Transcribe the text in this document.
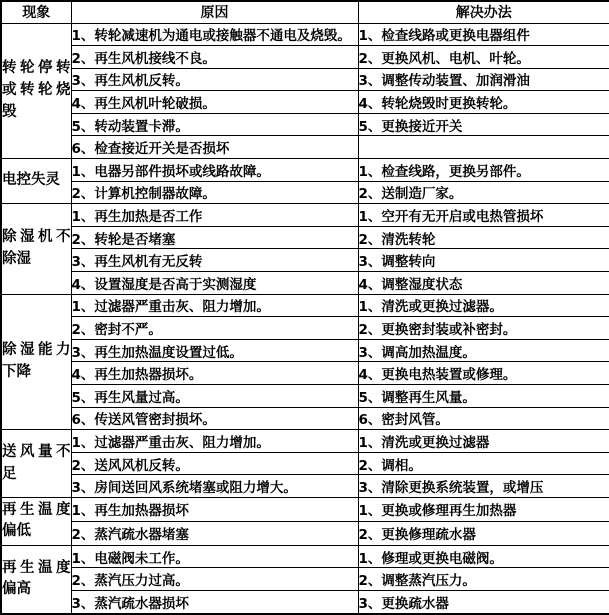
现象	原因	解决办法
转轮停转或转轮烧毁	1、转轮减速机为通电或接触器不通电及烧毁。	1、检查线路或更换电器组件
	2、再生风机接线不良。	2、更换风机、电机、叶轮。
	3、再生风机反转。	3、调整传动装置、加润滑油
	4、再生风机叶轮破损。	4、转轮烧毁时更换转轮。
	5、转动装置卡滞。	5、更换接近开关
	6、检查接近开关是否损坏	
电控失灵	1、电器另部件损坏或线路故障。	1、检查线路，更换另部件。
	2、计算机控制器故障。	2、送制造厂家。
除湿机不除湿	1、再生加热是否工作	1、空开有无开启或电热管损坏
	2、转轮是否堵塞	2、清洗转轮
	3、再生风机有无反转	3、调整转向
	4、设置湿度是否高于实测湿度	4、调整湿度状态
除湿能力下降	1、过滤器严重击灰、阻力增加。	1、清洗或更换过滤器。
	2、密封不严。	2、更换密封装或补密封。
	3、再生加热温度设置过低。	3、调高加热温度。
	4、再生加热器损坏。	4、更换电热装置或修理。
	5、再生风量过高。	5、调整再生风量。
	6、传送风管密封损坏。	6、密封风管。
送风量不足	1、过滤器严重击灰、阻力增加。	1、清洗或更换过滤器
	2、送风风机反转。	2、调相。
	3、房间送回风系统堵塞或阻力增大。	3、清除更换系统装置，或增压
再生温度偏低	1、再生加热器损坏	1、更换或修理再生加热器
	2、蒸汽疏水器堵塞	2、更换修理疏水器
再生温度偏高	1、电磁阀未工作。	1、修理或更换电磁阀。
	2、蒸汽压力过高。	2、调整蒸汽压力。
	3、蒸汽疏水器损坏	3、更换疏水器
